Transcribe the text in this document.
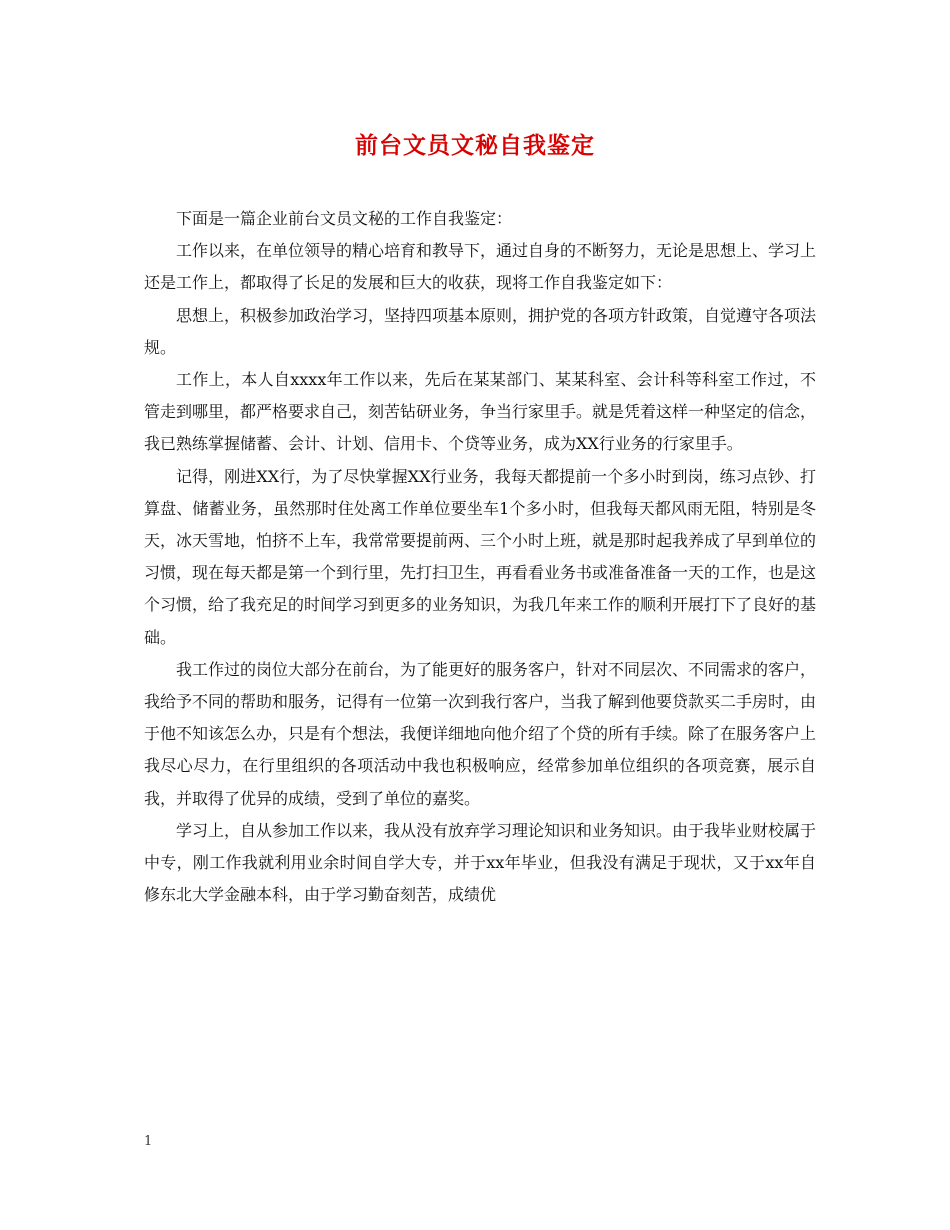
前台文员文秘自我鉴定

下面是一篇企业前台文员文秘的工作自我鉴定：

工作以来，在单位领导的精心培育和教导下，通过自身的不断努力，无论是思想上、学习上还是工作上，都取得了长足的发展和巨大的收获，现将工作自我鉴定如下：

思想上，积极参加政治学习，坚持四项基本原则，拥护党的各项方针政策，自觉遵守各项法规。

工作上，本人自xxxx年工作以来，先后在某某部门、某某科室、会计科等科室工作过，不管走到哪里，都严格要求自己，刻苦钻研业务，争当行家里手。就是凭着这样一种坚定的信念，我已熟练掌握储蓄、会计、计划、信用卡、个贷等业务，成为XX行业务的行家里手。

记得，刚进XX行，为了尽快掌握XX行业务，我每天都提前一个多小时到岗，练习点钞、打算盘、储蓄业务，虽然那时住处离工作单位要坐车1个多小时，但我每天都风雨无阻，特别是冬天，冰天雪地，怕挤不上车，我常常要提前两、三个小时上班，就是那时起我养成了早到单位的习惯，现在每天都是第一个到行里，先打扫卫生，再看看业务书或准备准备一天的工作，也是这个习惯，给了我充足的时间学习到更多的业务知识，为我几年来工作的顺利开展打下了良好的基础。

我工作过的岗位大部分在前台，为了能更好的服务客户，针对不同层次、不同需求的客户，我给予不同的帮助和服务，记得有一位第一次到我行客户，当我了解到他要贷款买二手房时，由于他不知该怎么办，只是有个想法，我便详细地向他介绍了个贷的所有手续。除了在服务客户上我尽心尽力，在行里组织的各项活动中我也积极响应，经常参加单位组织的各项竞赛，展示自我，并取得了优异的成绩，受到了单位的嘉奖。

学习上，自从参加工作以来，我从没有放弃学习理论知识和业务知识。由于我毕业财校属于中专，刚工作我就利用业余时间自学大专，并于xx年毕业，但我没有满足于现状，又于xx年自修东北大学金融本科，由于学习勤奋刻苦，成绩优

1
